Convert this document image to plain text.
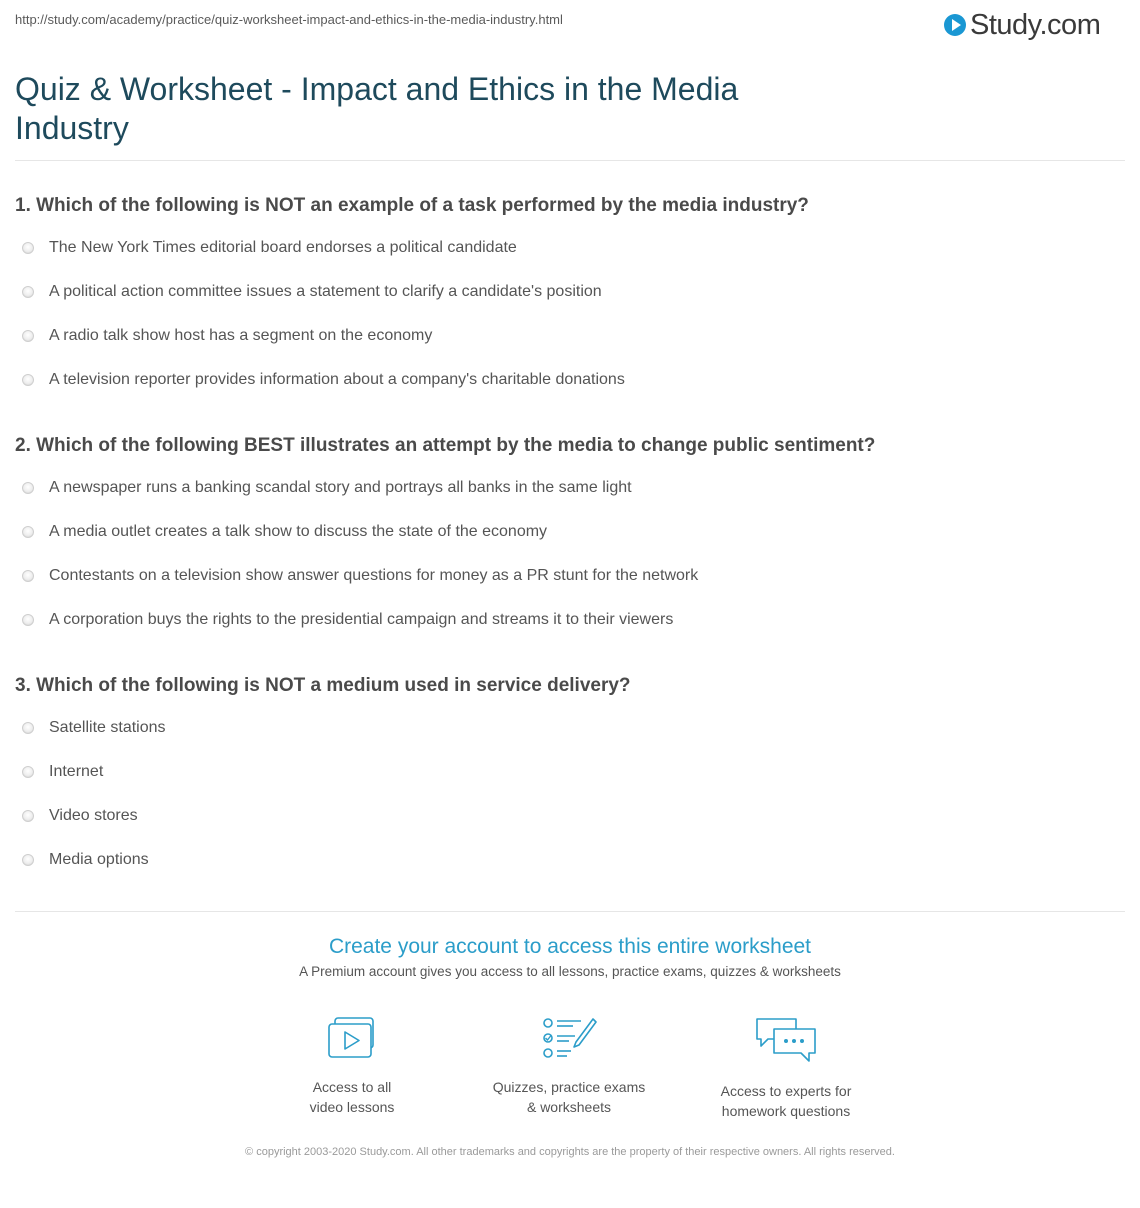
http://study.com/academy/practice/quiz-worksheet-impact-and-ethics-in-the-media-industry.html	Study.com
Quiz & Worksheet - Impact and Ethics in the Media Industry
1. Which of the following is NOT an example of a task performed by the media industry?
The New York Times editorial board endorses a political candidate
A political action committee issues a statement to clarify a candidate's position
A radio talk show host has a segment on the economy
A television reporter provides information about a company's charitable donations
2. Which of the following BEST illustrates an attempt by the media to change public sentiment?
A newspaper runs a banking scandal story and portrays all banks in the same light
A media outlet creates a talk show to discuss the state of the economy
Contestants on a television show answer questions for money as a PR stunt for the network
A corporation buys the rights to the presidential campaign and streams it to their viewers
3. Which of the following is NOT a medium used in service delivery?
Satellite stations
Internet
Video stores
Media options
Create your account to access this entire worksheet
A Premium account gives you access to all lessons, practice exams, quizzes & worksheets
Access to all
video lessons
Quizzes, practice exams
& worksheets
Access to experts for
homework questions
© copyright 2003-2020 Study.com. All other trademarks and copyrights are the property of their respective owners. All rights reserved.
